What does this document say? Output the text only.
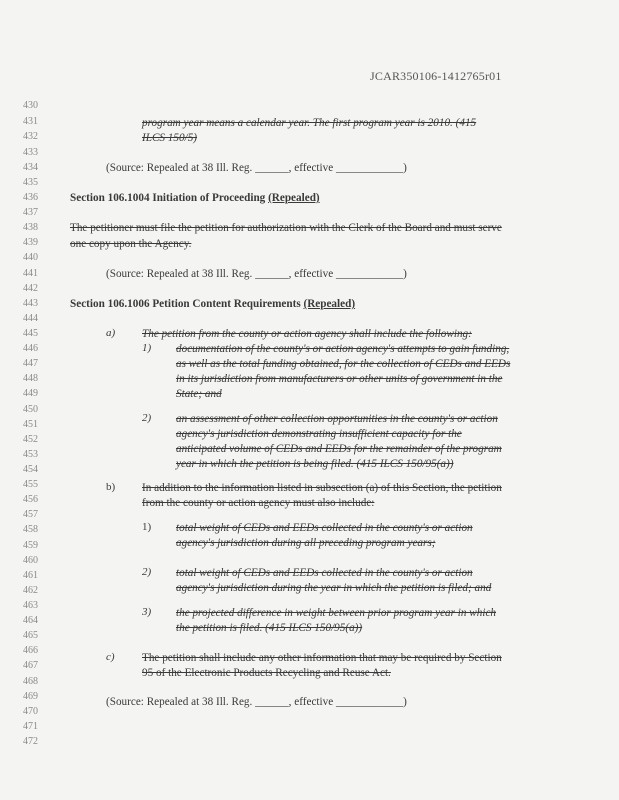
JCAR350106-1412765r01
430
431
432
433
434
435
436
437
438
439
440
441
442
443
444
445
446
447
448
449
450
451
452
453
454
455
456
457
458
459
460
461
462
463
464
465
466
467
468
469
470
471
472
program year means a calendar year. The first program year is 2010. (415
ILCS 150/5)
(Source: Repealed at 38 Ill. Reg. ______, effective ____________)
Section 106.1004 Initiation of Proceeding (Repealed)
The petitioner must file the petition for authorization with the Clerk of the Board and must serve
one copy upon the Agency.
(Source: Repealed at 38 Ill. Reg. ______, effective ____________)
Section 106.1006 Petition Content Requirements (Repealed)
a) The petition from the county or action agency shall include the following:
1) documentation of the county's or action agency's attempts to gain funding,
as well as the total funding obtained, for the collection of CEDs and EEDs
in its jurisdiction from manufacturers or other units of government in the
State; and
2) an assessment of other collection opportunities in the county's or action
agency's jurisdiction demonstrating insufficient capacity for the
anticipated volume of CEDs and EEDs for the remainder of the program
year in which the petition is being filed. (415 ILCS 150/95(a))
b) In addition to the information listed in subsection (a) of this Section, the petition
from the county or action agency must also include:
1) total weight of CEDs and EEDs collected in the county's or action
agency's jurisdiction during all preceding program years;
2) total weight of CEDs and EEDs collected in the county's or action
agency's jurisdiction during the year in which the petition is filed; and
3) the projected difference in weight between prior program year in which
the petition is filed. (415 ILCS 150/95(a))
c) The petition shall include any other information that may be required by Section
95 of the Electronic Products Recycling and Reuse Act.
(Source: Repealed at 38 Ill. Reg. ______, effective ____________)
